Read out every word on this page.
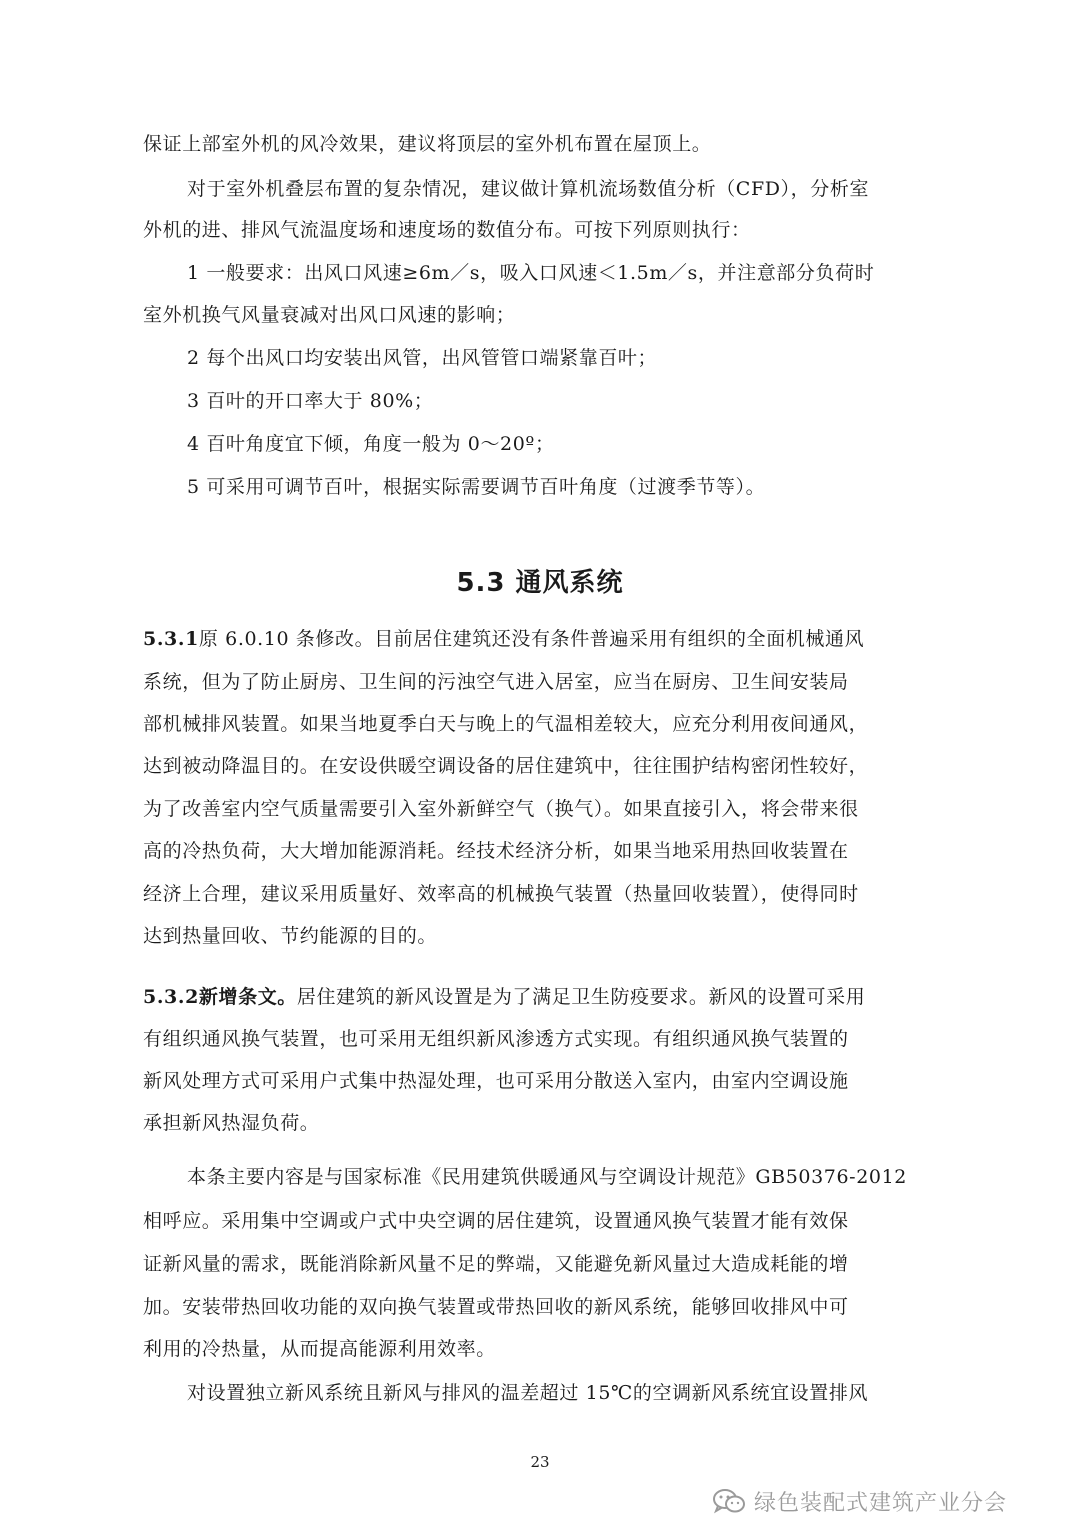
保证上部室外机的风冷效果，建议将顶层的室外机布置在屋顶上。
对于室外机叠层布置的复杂情况，建议做计算机流场数值分析（CFD），分析室
外机的进、排风气流温度场和速度场的数值分布。可按下列原则执行：
1 一般要求：出风口风速≥6m／s，吸入口风速＜1.5m／s，并注意部分负荷时
室外机换气风量衰减对出风口风速的影响；
2 每个出风口均安装出风管，出风管管口端紧靠百叶；
3 百叶的开口率大于 80%；
4 百叶角度宜下倾，角度一般为 0～20º；
5 可采用可调节百叶，根据实际需要调节百叶角度（过渡季节等）。
5.3 通风系统
5.3.1原 6.0.10 条修改。目前居住建筑还没有条件普遍采用有组织的全面机械通风
系统，但为了防止厨房、卫生间的污浊空气进入居室，应当在厨房、卫生间安装局
部机械排风装置。如果当地夏季白天与晚上的气温相差较大，应充分利用夜间通风，
达到被动降温目的。在安设供暖空调设备的居住建筑中，往往围护结构密闭性较好，
为了改善室内空气质量需要引入室外新鲜空气（换气）。如果直接引入，将会带来很
高的冷热负荷，大大增加能源消耗。经技术经济分析，如果当地采用热回收装置在
经济上合理，建议采用质量好、效率高的机械换气装置（热量回收装置），使得同时
达到热量回收、节约能源的目的。
5.3.2新增条文。居住建筑的新风设置是为了满足卫生防疫要求。新风的设置可采用
有组织通风换气装置，也可采用无组织新风渗透方式实现。有组织通风换气装置的
新风处理方式可采用户式集中热湿处理，也可采用分散送入室内，由室内空调设施
承担新风热湿负荷。
本条主要内容是与国家标准《民用建筑供暖通风与空调设计规范》GB50376-2012
相呼应。采用集中空调或户式中央空调的居住建筑，设置通风换气装置才能有效保
证新风量的需求，既能消除新风量不足的弊端，又能避免新风量过大造成耗能的增
加。安装带热回收功能的双向换气装置或带热回收的新风系统，能够回收排风中可
利用的冷热量，从而提高能源利用效率。
对设置独立新风系统且新风与排风的温差超过 15℃的空调新风系统宜设置排风
23
绿色装配式建筑产业分会
